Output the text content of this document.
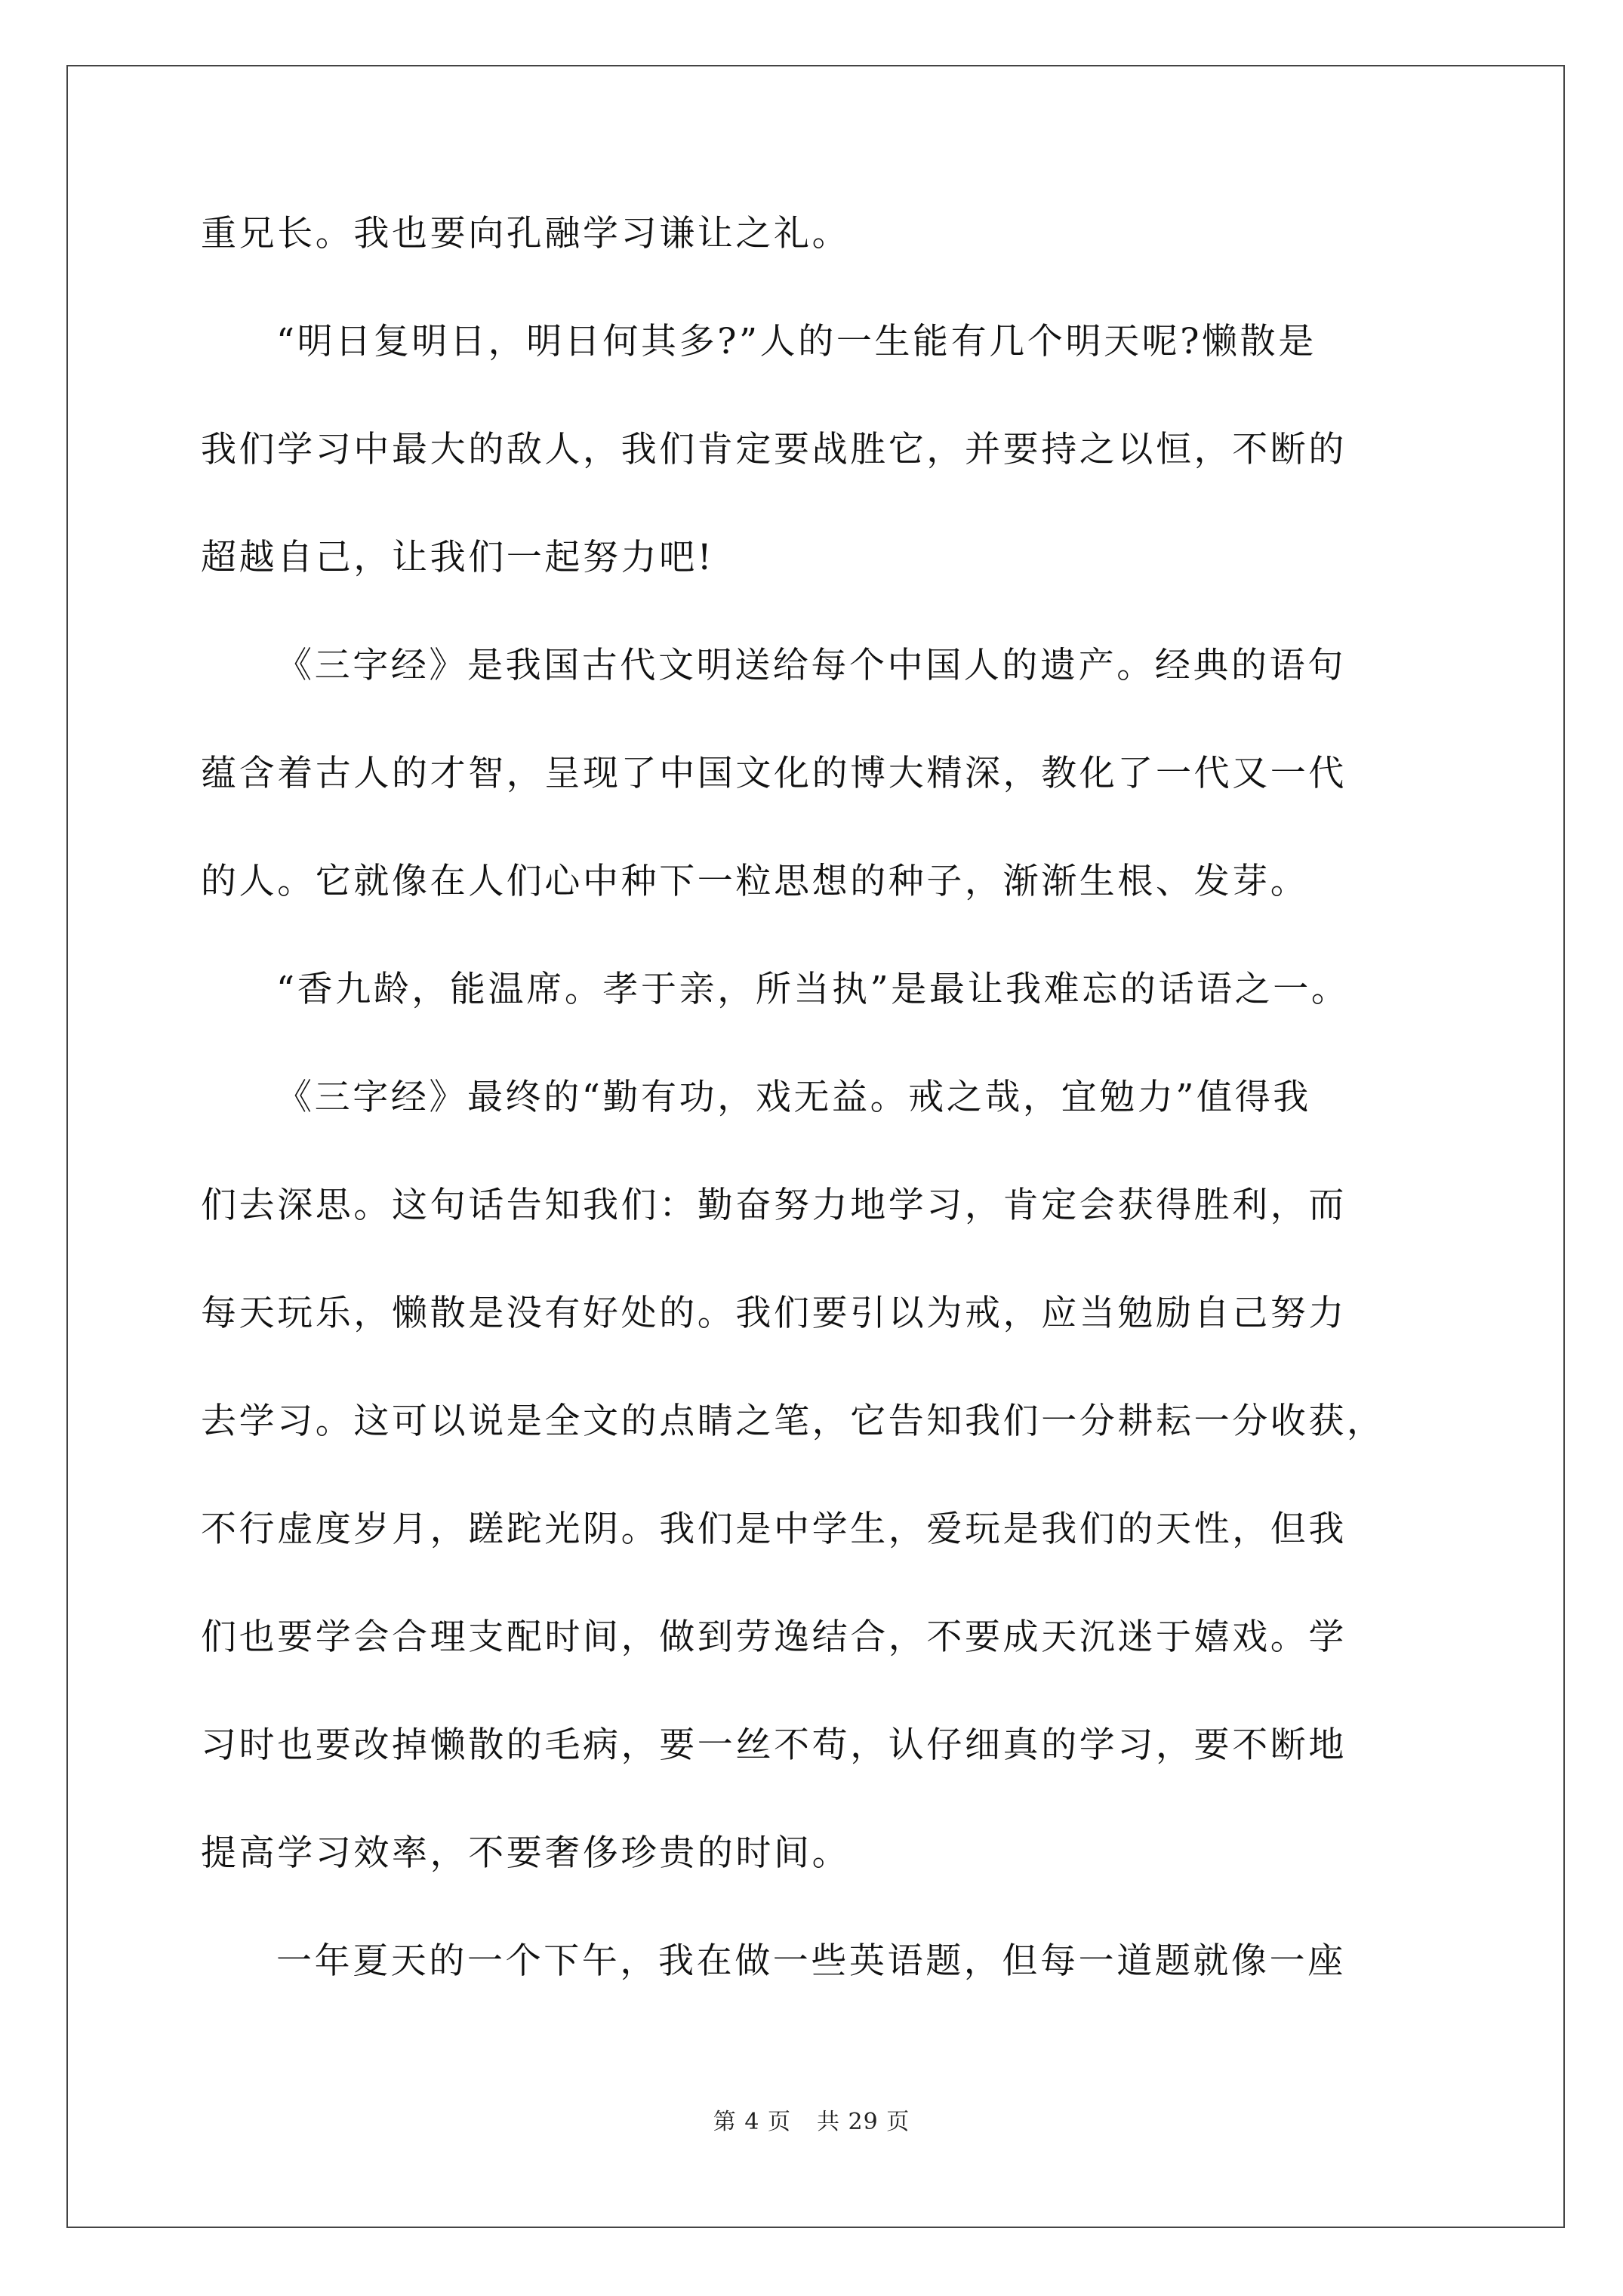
重兄长。我也要向孔融学习谦让之礼。
“明日复明日，明日何其多?”人的一生能有几个明天呢?懒散是
我们学习中最大的敌人，我们肯定要战胜它，并要持之以恒，不断的
超越自己，让我们一起努力吧!
《三字经》是我国古代文明送给每个中国人的遗产。经典的语句
蕴含着古人的才智，呈现了中国文化的博大精深，教化了一代又一代
的人。它就像在人们心中种下一粒思想的种子，渐渐生根、发芽。
“香九龄，能温席。孝于亲，所当执”是最让我难忘的话语之一。
《三字经》最终的“勤有功，戏无益。戒之哉，宜勉力”值得我
们去深思。这句话告知我们：勤奋努力地学习，肯定会获得胜利，而
每天玩乐，懒散是没有好处的。我们要引以为戒，应当勉励自己努力
去学习。这可以说是全文的点睛之笔，它告知我们一分耕耘一分收获，
不行虚度岁月，蹉跎光阴。我们是中学生，爱玩是我们的天性，但我
们也要学会合理支配时间，做到劳逸结合，不要成天沉迷于嬉戏。学
习时也要改掉懒散的毛病，要一丝不苟，认仔细真的学习，要不断地
提高学习效率，不要奢侈珍贵的时间。
一年夏天的一个下午，我在做一些英语题，但每一道题就像一座
第 4 页 共 29 页
